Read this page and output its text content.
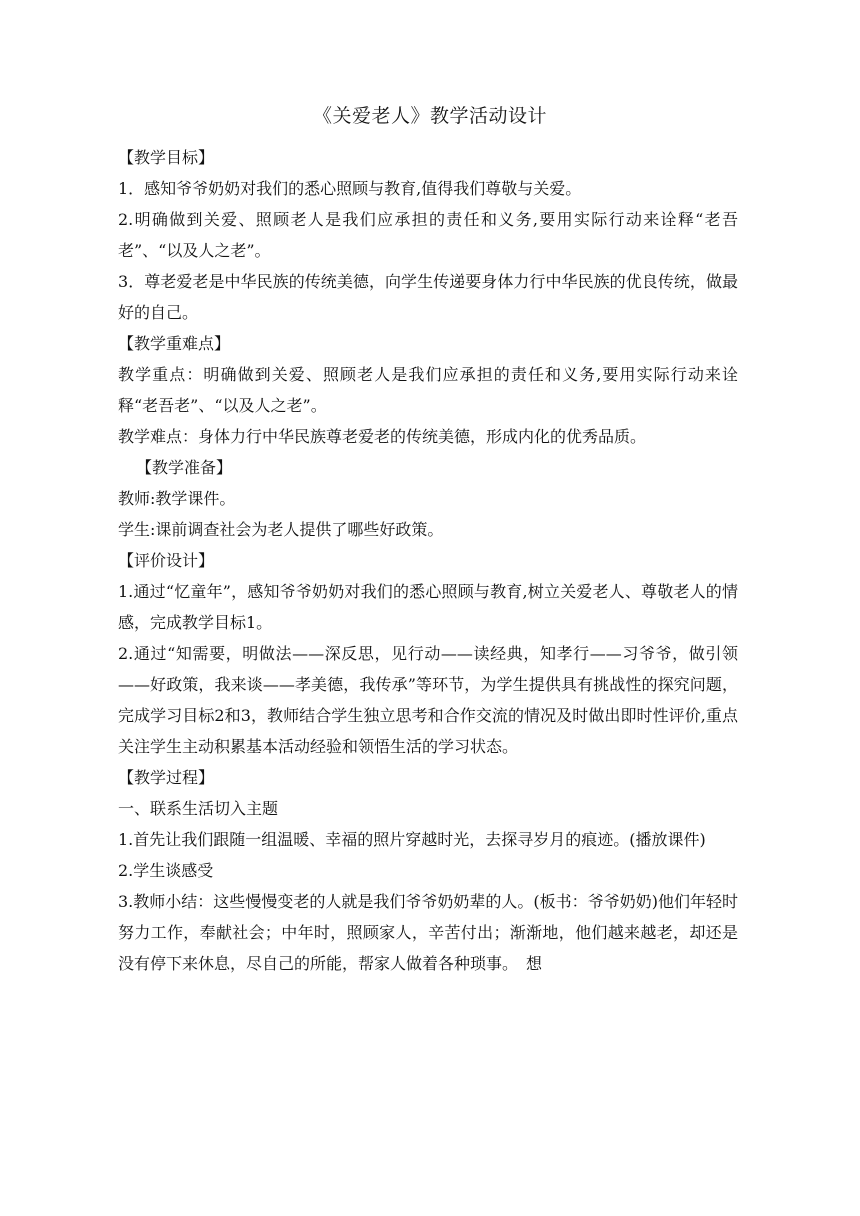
《关爱老人》教学活动设计

【教学目标】

1．感知爷爷奶奶对我们的悉心照顾与教育,值得我们尊敬与关爱。

2.明确做到关爱、照顾老人是我们应承担的责任和义务,要用实际行动来诠释“老吾老”、“以及人之老”。

3．尊老爱老是中华民族的传统美德，向学生传递要身体力行中华民族的优良传统，做最好的自己。

【教学重难点】

教学重点：明确做到关爱、照顾老人是我们应承担的责任和义务,要用实际行动来诠释“老吾老”、“以及人之老”。

教学难点：身体力行中华民族尊老爱老的传统美德，形成内化的优秀品质。

【教学准备】

教师:教学课件。

学生:课前调查社会为老人提供了哪些好政策。

【评价设计】

1.通过“忆童年”，感知爷爷奶奶对我们的悉心照顾与教育,树立关爱老人、尊敬老人的情感，完成教学目标1。

2.通过“知需要，明做法——深反思，见行动——读经典，知孝行——习爷爷，做引领——好政策，我来谈——孝美德，我传承”等环节，为学生提供具有挑战性的探究问题，完成学习目标2和3，教师结合学生独立思考和合作交流的情况及时做出即时性评价,重点关注学生主动积累基本活动经验和领悟生活的学习状态。

【教学过程】

一、联系生活切入主题

1.首先让我们跟随一组温暖、幸福的照片穿越时光，去探寻岁月的痕迹。(播放课件)

2.学生谈感受

3.教师小结：这些慢慢变老的人就是我们爷爷奶奶辈的人。(板书：爷爷奶奶)他们年轻时努力工作，奉献社会；中年时，照顾家人，辛苦付出；渐渐地，他们越来越老，却还是没有停下来休息，尽自己的所能，帮家人做着各种琐事。　想
